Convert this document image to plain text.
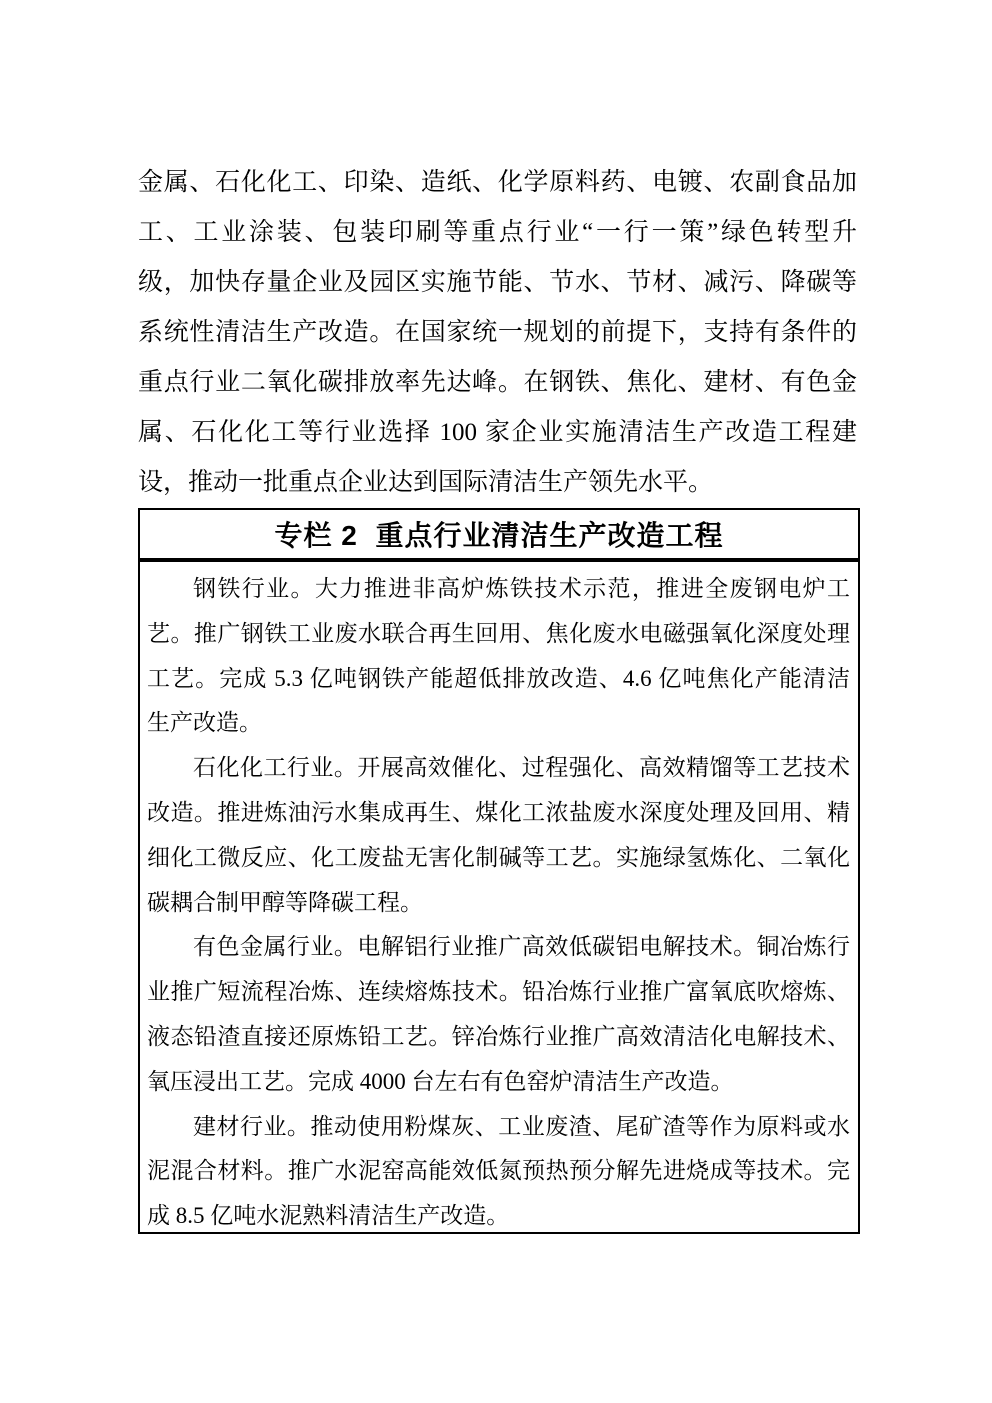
金属、石化化工、印染、造纸、化学原料药、电镀、农副食品加
工、工业涂装、包装印刷等重点行业“一行一策”绿色转型升
级，加快存量企业及园区实施节能、节水、节材、减污、降碳等
系统性清洁生产改造。在国家统一规划的前提下，支持有条件的
重点行业二氧化碳排放率先达峰。在钢铁、焦化、建材、有色金
属、石化化工等行业选择 100 家企业实施清洁生产改造工程建
设，推动一批重点企业达到国际清洁生产领先水平。
专栏 2  重点行业清洁生产改造工程
钢铁行业。大力推进非高炉炼铁技术示范，推进全废钢电炉工
艺。推广钢铁工业废水联合再生回用、焦化废水电磁强氧化深度处理
工艺。完成 5.3 亿吨钢铁产能超低排放改造、4.6 亿吨焦化产能清洁
生产改造。
石化化工行业。开展高效催化、过程强化、高效精馏等工艺技术
改造。推进炼油污水集成再生、煤化工浓盐废水深度处理及回用、精
细化工微反应、化工废盐无害化制碱等工艺。实施绿氢炼化、二氧化
碳耦合制甲醇等降碳工程。
有色金属行业。电解铝行业推广高效低碳铝电解技术。铜冶炼行
业推广短流程冶炼、连续熔炼技术。铅冶炼行业推广富氧底吹熔炼、
液态铅渣直接还原炼铅工艺。锌冶炼行业推广高效清洁化电解技术、
氧压浸出工艺。完成 4000 台左右有色窑炉清洁生产改造。
建材行业。推动使用粉煤灰、工业废渣、尾矿渣等作为原料或水
泥混合材料。推广水泥窑高能效低氮预热预分解先进烧成等技术。完
成 8.5 亿吨水泥熟料清洁生产改造。
